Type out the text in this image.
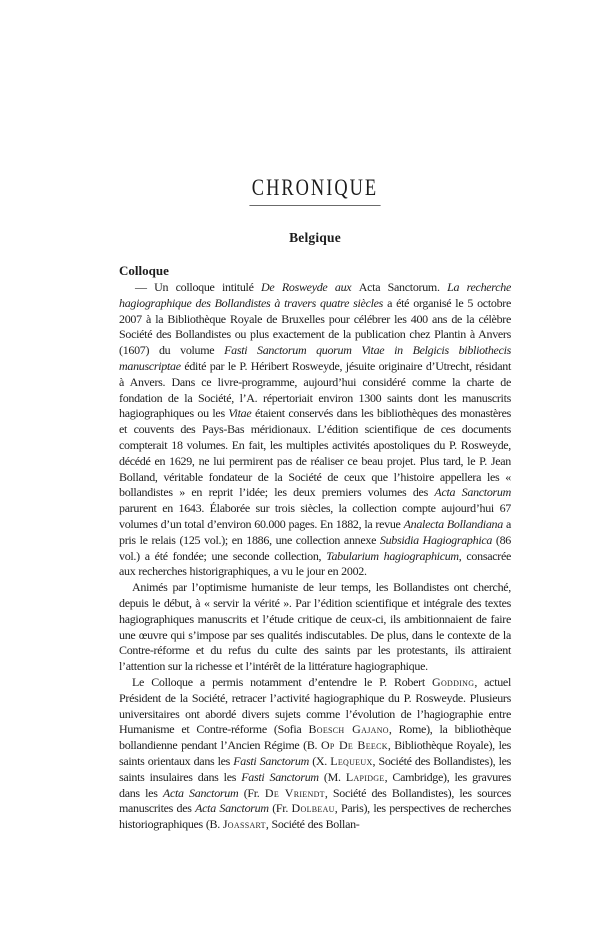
CHRONIQUE
Belgique
Colloque

— Un colloque intitulé De Rosweyde aux Acta Sanctorum. La recherche hagiographique des Bollandistes à travers quatre siècles a été organisé le 5 octobre 2007 à la Bibliothèque Royale de Bruxelles pour célébrer les 400 ans de la célèbre Société des Bollandistes ou plus exactement de la publication chez Plantin à Anvers (1607) du volume Fasti Sanctorum quorum Vitae in Belgicis bibliothecis manuscriptae édité par le P. Héribert Rosweyde, jésuite originaire d’Utrecht, résidant à Anvers. Dans ce livre-programme, aujourd’hui considéré comme la charte de fondation de la Société, l’A. répertoriait environ 1300 saints dont les manuscrits hagiographiques ou les Vitae étaient conservés dans les bibliothèques des monastères et couvents des Pays-Bas méridionaux. L’édition scientifique de ces documents compterait 18 volumes. En fait, les multiples activités apostoliques du P. Rosweyde, décédé en 1629, ne lui permirent pas de réaliser ce beau projet. Plus tard, le P. Jean Bolland, véritable fondateur de la Société de ceux que l’histoire appellera les « bollandistes » en reprit l’idée; les deux premiers volumes des Acta Sanctorum parurent en 1643. Élaborée sur trois siècles, la collection compte aujourd’hui 67 volumes d’un total d’environ 60.000 pages. En 1882, la revue Analecta Bollandiana a pris le relais (125 vol.); en 1886, une collection annexe Subsidia Hagiographica (86 vol.) a été fondée; une seconde collection, Tabularium hagiographicum, consacrée aux recherches historigraphiques, a vu le jour en 2002.

Animés par l’optimisme humaniste de leur temps, les Bollandistes ont cherché, depuis le début, à « servir la vérité ». Par l’édition scientifique et intégrale des textes hagiographiques manuscrits et l’étude critique de ceux-ci, ils ambitionnaient de faire une œuvre qui s’impose par ses qualités indiscutables. De plus, dans le contexte de la Contre-réforme et du refus du culte des saints par les protestants, ils attiraient l’attention sur la richesse et l’intérêt de la littérature hagiographique.

Le Colloque a permis notamment d’entendre le P. Robert Godding, actuel Président de la Société, retracer l’activité hagiographique du P. Rosweyde. Plusieurs universitaires ont abordé divers sujets comme l’évolution de l’hagiographie entre Humanisme et Contre-réforme (Sofia Boesch Gajano, Rome), la bibliothèque bollandienne pendant l’Ancien Régime (B. Op De Beeck, Bibliothèque Royale), les saints orientaux dans les Fasti Sanctorum (X. Lequeux, Société des Bollandistes), les saints insulaires dans les Fasti Sanctorum (M. Lapidge, Cambridge), les gravures dans les Acta Sanctorum (Fr. De Vriendt, Société des Bollandistes), les sources manuscrites des Acta Sanctorum (Fr. Dolbeau, Paris), les perspectives de recherches historiographiques (B. Joassart, Société des Bollan-
